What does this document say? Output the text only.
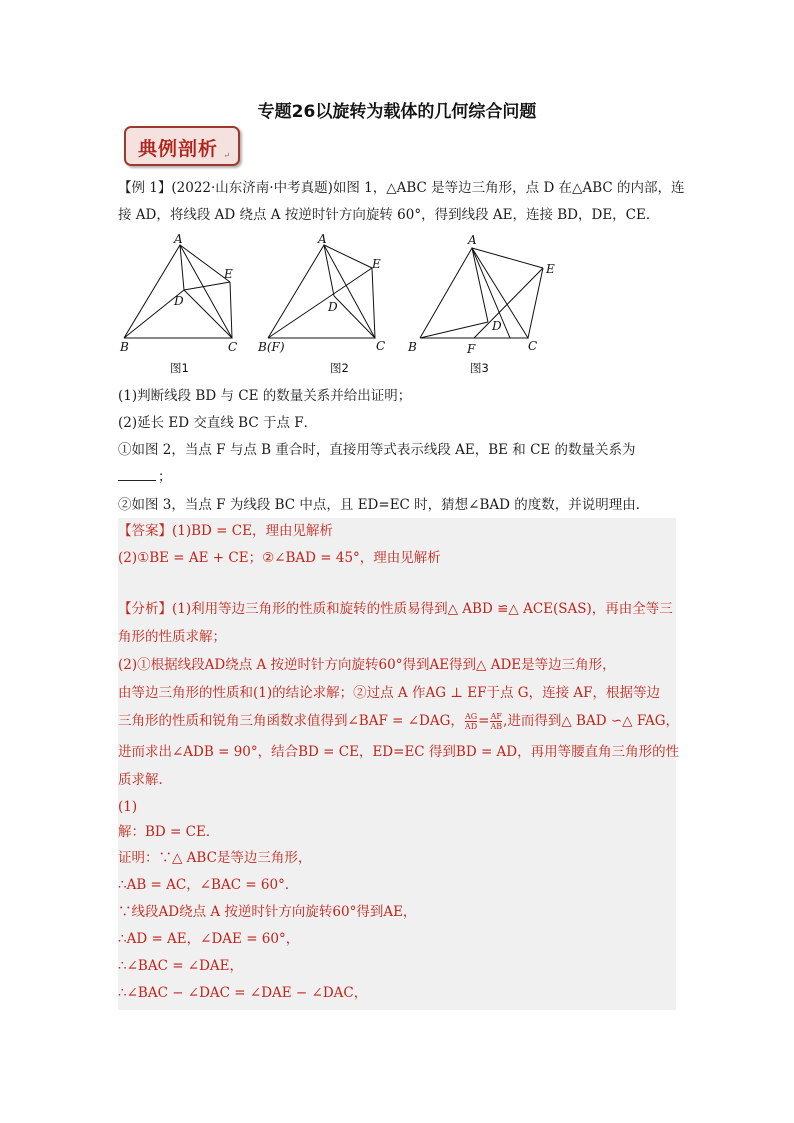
专题26以旋转为载体的几何综合问题
典例剖析 ↵
【例 1】(2022·山东济南·中考真题)如图 1，△ABC 是等边三角形，点 D 在△ABC 的内部，连
接 AD，将线段 AD 绕点 A 按逆时针方向旋转 60°，得到线段 AE，连接 BD，DE，CE．
A
E
D
B	C
图1
A
E
D
B(F)	C
图2
A
E
D
B	F	C
图3
(1)判断线段 BD 与 CE 的数量关系并给出证明；
(2)延长 ED 交直线 BC 于点 F．
①如图 2，当点 F 与点 B 重合时，直接用等式表示线段 AE，BE 和 CE 的数量关系为
；
②如图 3，当点 F 为线段 BC 中点，且 ED=EC 时，猜想∠BAD 的度数，并说明理由．
【答案】(1)BD = CE，理由见解析
(2)①BE = AE + CE；②∠BAD = 45°，理由见解析
【分析】(1)利用等边三角形的性质和旋转的性质易得到△ ABD ≌△ ACE(SAS)，再由全等三
角形的性质求解；
(2)①根据线段AD绕点 A 按逆时针方向旋转60°得到AE得到△ ADE是等边三角形，
由等边三角形的性质和(1)的结论求解；②过点 A 作AG ⊥ EF于点 G，连接 AF，根据等边
三角形的性质和锐角三角函数求值得到∠BAF = ∠DAG， $\frac{AG}{AD} = \frac{AF}{AB}$ ,进而得到△ BAD ∽△ FAG，
进而求出∠ADB = 90°，结合BD = CE，ED=EC 得到BD = AD，再用等腰直角三角形的性
质求解．
(1)
解：BD = CE．
证明：∵△ ABC是等边三角形，
∴AB = AC，∠BAC = 60°．
∵线段AD绕点 A 按逆时针方向旋转60°得到AE，
∴AD = AE，∠DAE = 60°，
∴∠BAC = ∠DAE，
∴∠BAC − ∠DAC = ∠DAE − ∠DAC，
